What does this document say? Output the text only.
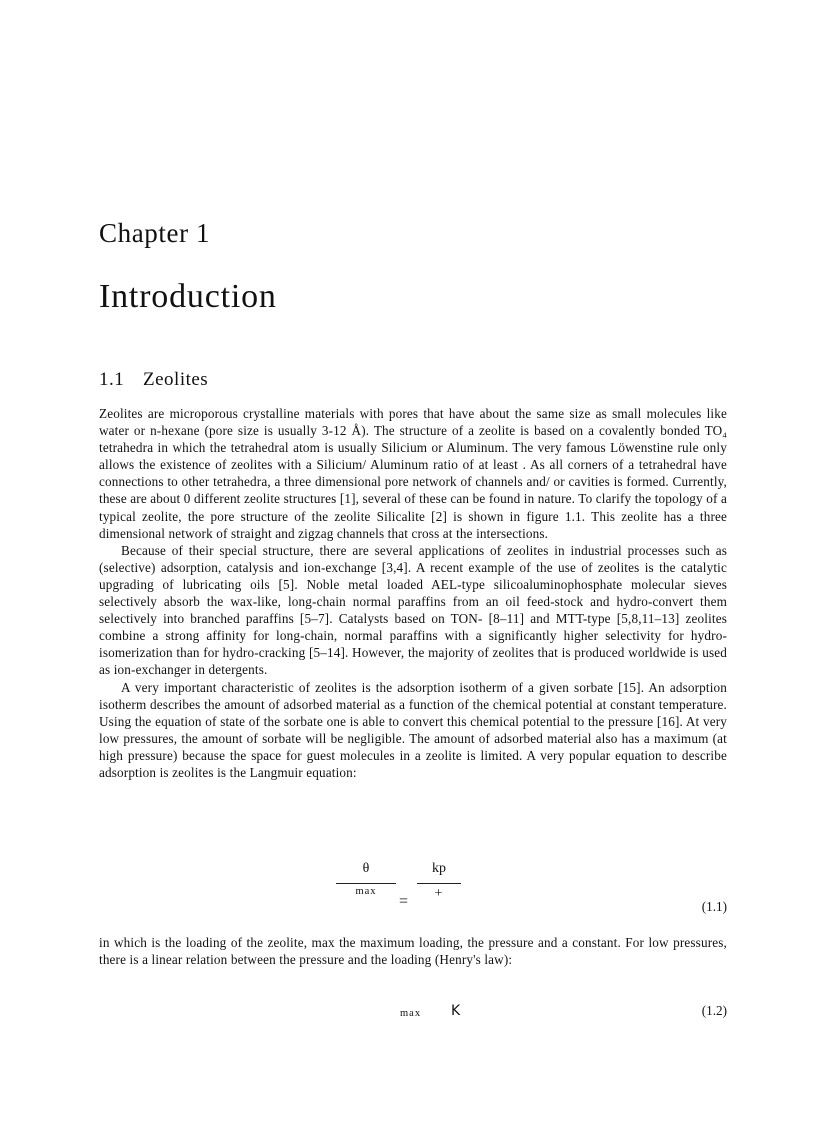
Chapter 1
Introduction
1.1 Zeolites

Zeolites are microporous crystalline materials with pores that have about the same size as small molecules like water or n-hexane (pore size is usually 3-12 Å). The structure of a zeolite is based on a covalently bonded TO₄ tetrahedra in which the tetrahedral atom is usually Silicium or Aluminum. The very famous Löwenstine rule only allows the existence of zeolites with a Silicium/ Aluminum ratio of at least . As all corners of a tetrahedral have connections to other tetrahedra, a three dimensional pore network of channels and/ or cavities is formed. Currently, these are about 0 different zeolite structures [1], several of these can be found in nature. To clarify the topology of a typical zeolite, the pore structure of the zeolite Silicalite [2] is shown in figure 1.1. This zeolite has a three dimensional network of straight and zigzag channels that cross at the intersections.

Because of their special structure, there are several applications of zeolites in industrial processes such as (selective) adsorption, catalysis and ion-exchange [3,4]. A recent example of the use of zeolites is the catalytic upgrading of lubricating oils [5]. Noble metal loaded AEL-type silicoaluminophosphate molecular sieves selectively absorb the wax-like, long-chain normal paraffins from an oil feed-stock and hydro-convert them selectively into branched paraffins [5–7]. Catalysts based on TON- [8–11] and MTT-type [5,8,11–13] zeolites combine a strong affinity for long-chain, normal paraffins with a significantly higher selectivity for hydro-isomerization than for hydro-cracking [5–14]. However, the majority of zeolites that is produced worldwide is used as ion-exchanger in detergents.

A very important characteristic of zeolites is the adsorption isotherm of a given sorbate [15]. An adsorption isotherm describes the amount of adsorbed material as a function of the chemical potential at constant temperature. Using the equation of state of the sorbate one is able to convert this chemical potential to the pressure [16]. At very low pressures, the amount of sorbate will be negligible. The amount of adsorbed material also has a maximum (at high pressure) because the space for guest molecules in a zeolite is limited. A very popular equation to describe adsorption is zeolites is the Langmuir equation:

θ
max
=
kp
+
(1.1)

in which is the loading of the zeolite, max the maximum loading, the pressure and a constant. For low pressures, there is a linear relation between the pressure and the loading (Henry's law):

max K	(1.2)
